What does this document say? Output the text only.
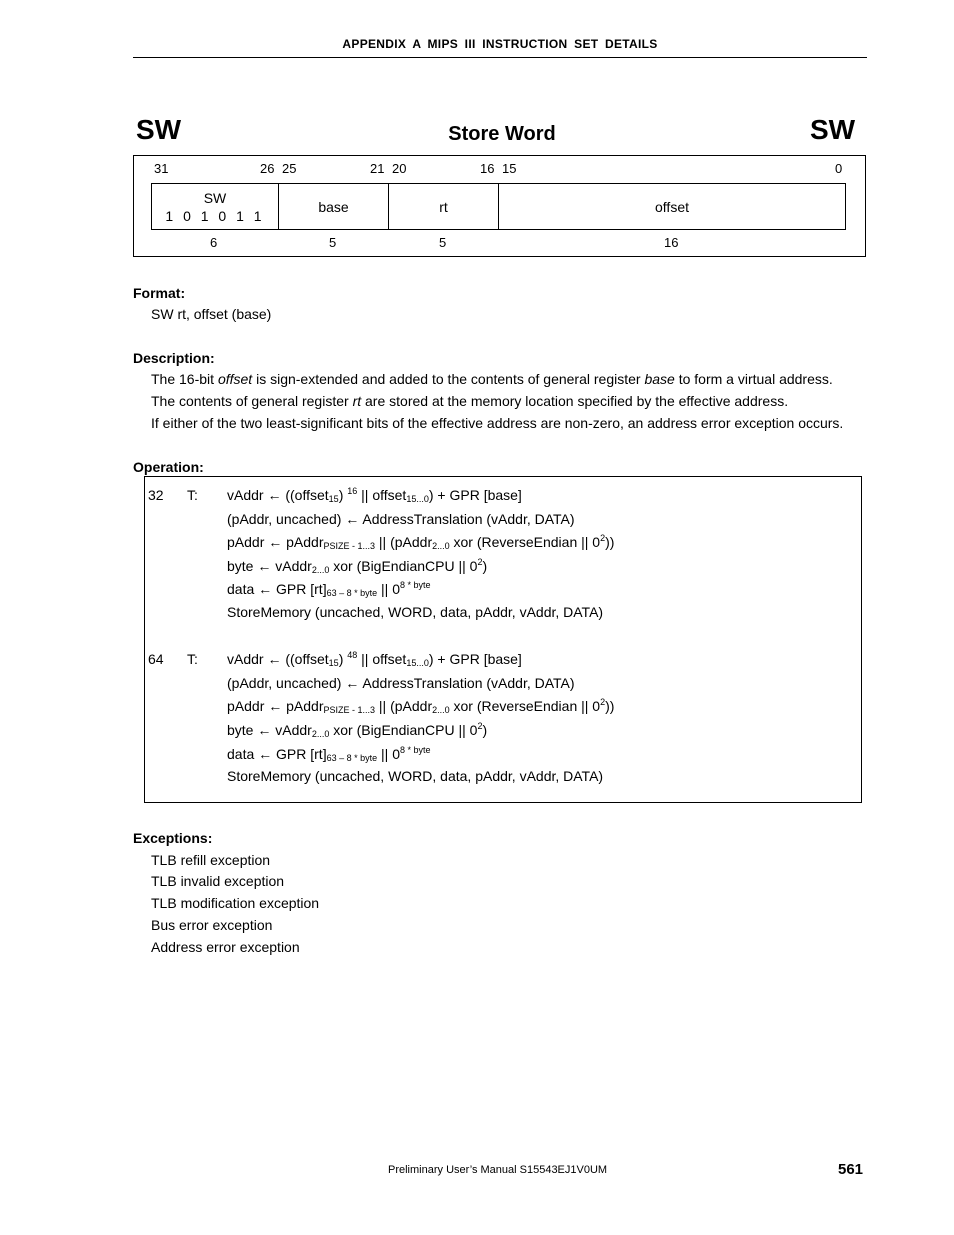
APPENDIX A MIPS III INSTRUCTION SET DETAILS
SW	Store Word	SW
31	26 25	21 20	16 15	0
SW
1 0 1 0 1 1
base	rt	offset
6	5	5	16
Format:
SW rt, offset (base)
Description:

The 16-bit offset is sign-extended and added to the contents of general register base to form a virtual address.

The contents of general register rt are stored at the memory location specified by the effective address.

If either of the two least-significant bits of the effective address are non-zero, an address error exception occurs.

Operation:
32 T: vAddr ← ((offset$_{15}$) $^{16}$ || offset$_{15...0}$) + GPR [base]
(pAddr, uncached) ← AddressTranslation (vAddr, DATA)
pAddr ← pAddr$_{PSIZE - 1...3}$ || (pAddr$_{2...0}$ xor (ReverseEndian || $0^2$))
byte ← vAddr$_{2...0}$ xor (BigEndianCPU || $0^2$)
data ← GPR $[rt]_{63 - 8 * byte}$ || $0^{8 * byte}$
StoreMemory (uncached, WORD, data, pAddr, vAddr, DATA)
64 T: vAddr ← ((offset$_{15}$) $^{48}$ || offset$_{15...0}$) + GPR [base]
(pAddr, uncached) ← AddressTranslation (vAddr, DATA)
pAddr ← pAddr$_{PSIZE - 1...3}$ || (pAddr$_{2...0}$ xor (ReverseEndian || $0^2$))
byte ← vAddr$_{2...0}$ xor (BigEndianCPU || $0^2$)
data ← GPR $[rt]_{63 - 8 * byte}$ || $0^{8 * byte}$
StoreMemory (uncached, WORD, data, pAddr, vAddr, DATA)
Exceptions:
TLB refill exception
TLB invalid exception
TLB modification exception
Bus error exception
Address error exception
Preliminary User’s Manual S15543EJ1V0UM	561
